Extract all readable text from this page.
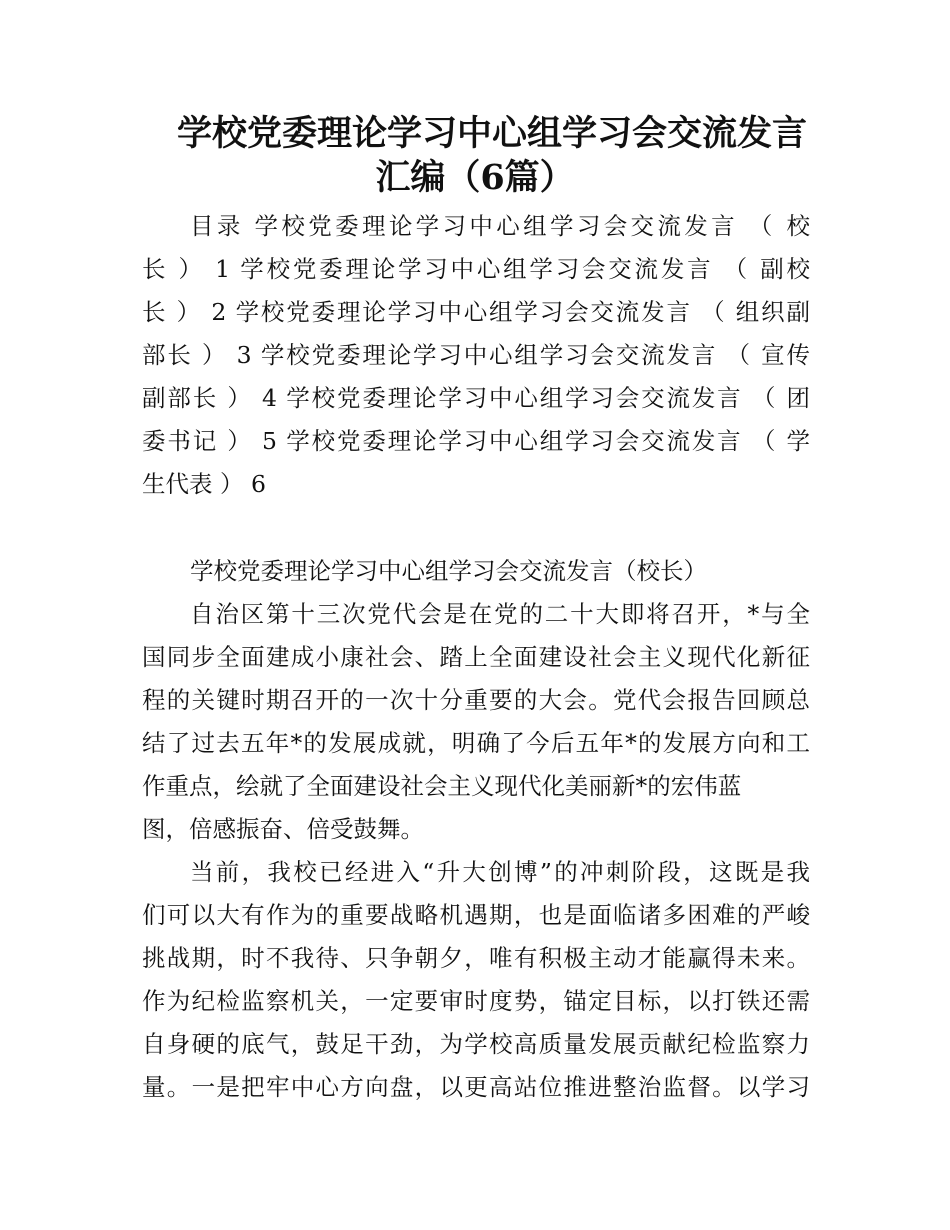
学校党委理论学习中心组学习会交流发言
汇编（6篇）
目录 学校党委理论学习中心组学习会交流发言 （ 校
长 ） 1 学校党委理论学习中心组学习会交流发言 （ 副校
长 ） 2 学校党委理论学习中心组学习会交流发言 （ 组织副
部长 ） 3 学校党委理论学习中心组学习会交流发言 （ 宣传
副部长 ） 4 学校党委理论学习中心组学习会交流发言 （ 团
委书记 ） 5 学校党委理论学习中心组学习会交流发言 （ 学
生代表 ） 6
学校党委理论学习中心组学习会交流发言（校长）
自治区第十三次党代会是在党的二十大即将召开，*与全
国同步全面建成小康社会、踏上全面建设社会主义现代化新征
程的关键时期召开的一次十分重要的大会。党代会报告回顾总
结了过去五年*的发展成就，明确了今后五年*的发展方向和工
作重点，绘就了全面建设社会主义现代化美丽新*的宏伟蓝
图，倍感振奋、倍受鼓舞。
当前，我校已经进入“升大创博”的冲刺阶段，这既是我
们可以大有作为的重要战略机遇期，也是面临诸多困难的严峻
挑战期，时不我待、只争朝夕，唯有积极主动才能赢得未来。
作为纪检监察机关，一定要审时度势，锚定目标，以打铁还需
自身硬的底气，鼓足干劲，为学校高质量发展贡献纪检监察力
量。一是把牢中心方向盘，以更高站位推进整治监督。以学习
